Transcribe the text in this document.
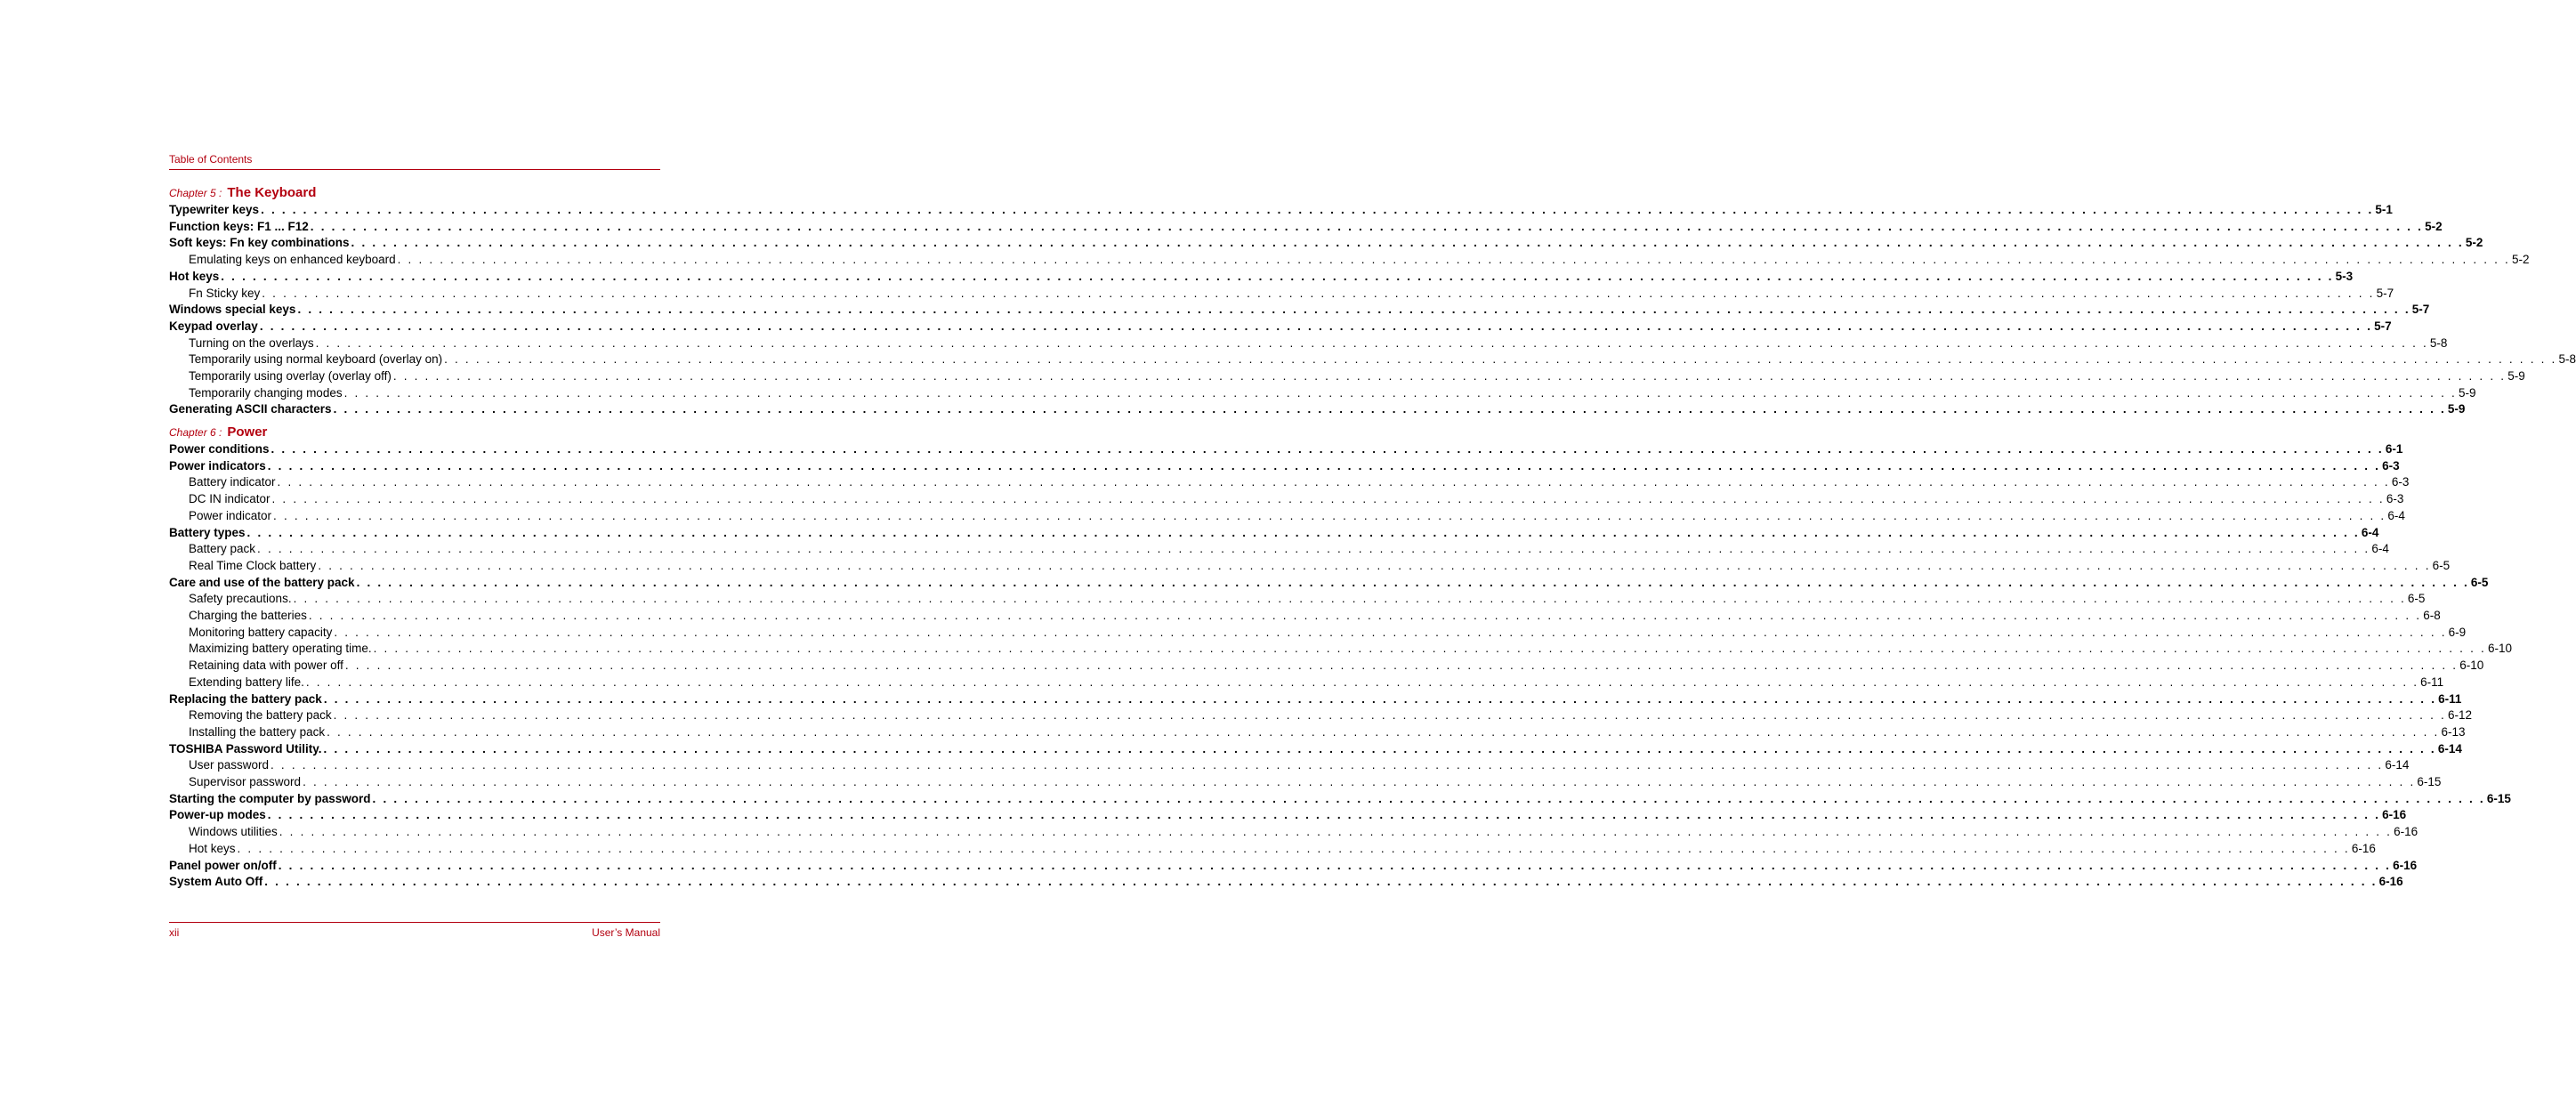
Table of Contents
Chapter 5 : The Keyboard
Typewriter keys . . . . . . . . . . . . . . . . . . . . . . . . . . . . . . . . . . . . . . . . . . . . . . . . . . . . . . . . . . . . . . . . . . . . . . . . . . . . . . . . . . . . . . . . . . . . . . . . . . . . . . . . . . . . . . . . . . . . . . . . . . . . . . . . . . . . . . . . . . . . . . . . . . . . . . . . . . . . . . . . . . . . . . . . . . . . . . . . . . . . . . . . . . . . . . . . . . . . . . . . 5-1
Function keys: F1 ... F12 . . . . . . . . . . . . . . . . . . . . . . . . . . . . . . . . . . . . . . . . . . . . . . . . . . . . . . . . . . . . . . . . . . . . . . . . . . . . . . . . . . . . . . . . . . . . . . . . . . . . . . . . . . . . . . . . . . . . . . . . . . . . . . . . . . . . . . . . . . . . . . . . . . . . . . . . . . . . . . . . . . . . . . . . . . . . . . . . . . . . . . . . . . . . . . . . . . . . . . . . 5-2
Soft keys: Fn key combinations . . . . . . . . . . . . . . . . . . . . . . . . . . . . . . . . . . . . . . . . . . . . . . . . . . . . . . . . . . . . . . . . . . . . . . . . . . . . . . . . . . . . . . . . . . . . . . . . . . . . . . . . . . . . . . . . . . . . . . . . . . . . . . . . . . . . . . . . . . . . . . . . . . . . . . . . . . . . . . . . . . . . . . . . . . . . . . . . . . . . . . . . . . . . . . . . . . . . . . . . 5-2
Emulating keys on enhanced keyboard . . . . . . . . . . . . . . . . . . . . . . . . . . . . . . . . . . . . . . . . . . . . . . . . . . . . . . . . . . . . . . . . . . . . . . . . . . . . . . . . . . . . . . . . . . . . . . . . . . . . . . . . . . . . . . . . . . . . . . . . . . . . . . . . . . . . . . . . . . . . . . . . . . . . . . . . . . . . . . . . . . . . . . . . . . . . . . . . . . . . . . . . . . . . . . . . . . . . . . . . 5-2
Hot keys . . . . . . . . . . . . . . . . . . . . . . . . . . . . . . . . . . . . . . . . . . . . . . . . . . . . . . . . . . . . . . . . . . . . . . . . . . . . . . . . . . . . . . . . . . . . . . . . . . . . . . . . . . . . . . . . . . . . . . . . . . . . . . . . . . . . . . . . . . . . . . . . . . . . . . . . . . . . . . . . . . . . . . . . . . . . . . . . . . . . . . . . . . . . . . . . . . . . . . . . 5-3
Fn Sticky key . . . . . . . . . . . . . . . . . . . . . . . . . . . . . . . . . . . . . . . . . . . . . . . . . . . . . . . . . . . . . . . . . . . . . . . . . . . . . . . . . . . . . . . . . . . . . . . . . . . . . . . . . . . . . . . . . . . . . . . . . . . . . . . . . . . . . . . . . . . . . . . . . . . . . . . . . . . . . . . . . . . . . . . . . . . . . . . . . . . . . . . . . . . . . . . . . . . . . . . . 5-7
Windows special keys . . . . . . . . . . . . . . . . . . . . . . . . . . . . . . . . . . . . . . . . . . . . . . . . . . . . . . . . . . . . . . . . . . . . . . . . . . . . . . . . . . . . . . . . . . . . . . . . . . . . . . . . . . . . . . . . . . . . . . . . . . . . . . . . . . . . . . . . . . . . . . . . . . . . . . . . . . . . . . . . . . . . . . . . . . . . . . . . . . . . . . . . . . . . . . . . . . . . . . . . 5-7
Keypad overlay . . . . . . . . . . . . . . . . . . . . . . . . . . . . . . . . . . . . . . . . . . . . . . . . . . . . . . . . . . . . . . . . . . . . . . . . . . . . . . . . . . . . . . . . . . . . . . . . . . . . . . . . . . . . . . . . . . . . . . . . . . . . . . . . . . . . . . . . . . . . . . . . . . . . . . . . . . . . . . . . . . . . . . . . . . . . . . . . . . . . . . . . . . . . . . . . . . . . . . . . 5-7
Turning on the overlays . . . . . . . . . . . . . . . . . . . . . . . . . . . . . . . . . . . . . . . . . . . . . . . . . . . . . . . . . . . . . . . . . . . . . . . . . . . . . . . . . . . . . . . . . . . . . . . . . . . . . . . . . . . . . . . . . . . . . . . . . . . . . . . . . . . . . . . . . . . . . . . . . . . . . . . . . . . . . . . . . . . . . . . . . . . . . . . . . . . . . . . . . . . . . . . . . . . . . . . . 5-8
Temporarily using normal keyboard (overlay on) . . . . . . . . . . . . . . . . . . . . . . . . . . . . . . . . . . . . . . . . . . . . . . . . . . . . . . . . . . . . . . . . . . . . . . . . . . . . . . . . . . . . . . . . . . . . . . . . . . . . . . . . . . . . . . . . . . . . . . . . . . . . . . . . . . . . . . . . . . . . . . . . . . . . . . . . . . . . . . . . . . . . . . . . . . . . . . . . . . . . . . . . . . . . . . . . . . . . . . . . 5-8
Temporarily using overlay (overlay off) . . . . . . . . . . . . . . . . . . . . . . . . . . . . . . . . . . . . . . . . . . . . . . . . . . . . . . . . . . . . . . . . . . . . . . . . . . . . . . . . . . . . . . . . . . . . . . . . . . . . . . . . . . . . . . . . . . . . . . . . . . . . . . . . . . . . . . . . . . . . . . . . . . . . . . . . . . . . . . . . . . . . . . . . . . . . . . . . . . . . . . . . . . . . . . . . . . . . . . . . 5-9
Temporarily changing modes . . . . . . . . . . . . . . . . . . . . . . . . . . . . . . . . . . . . . . . . . . . . . . . . . . . . . . . . . . . . . . . . . . . . . . . . . . . . . . . . . . . . . . . . . . . . . . . . . . . . . . . . . . . . . . . . . . . . . . . . . . . . . . . . . . . . . . . . . . . . . . . . . . . . . . . . . . . . . . . . . . . . . . . . . . . . . . . . . . . . . . . . . . . . . . . . . . . . . . . . 5-9
Generating ASCII characters . . . . . . . . . . . . . . . . . . . . . . . . . . . . . . . . . . . . . . . . . . . . . . . . . . . . . . . . . . . . . . . . . . . . . . . . . . . . . . . . . . . . . . . . . . . . . . . . . . . . . . . . . . . . . . . . . . . . . . . . . . . . . . . . . . . . . . . . . . . . . . . . . . . . . . . . . . . . . . . . . . . . . . . . . . . . . . . . . . . . . . . . . . . . . . . . . . . . . . . . 5-9
Chapter 6 : Power
Power conditions . . . . . . . . . . . . . . . . . . . . . . . . . . . . . . . . . . . . . . . . . . . . . . . . . . . . . . . . . . . . . . . . . . . . . . . . . . . . . . . . . . . . . . . . . . . . . . . . . . . . . . . . . . . . . . . . . . . . . . . . . . . . . . . . . . . . . . . . . . . . . . . . . . . . . . . . . . . . . . . . . . . . . . . . . . . . . . . . . . . . . . . . . . . . . . . . . . . . . . . . 6-1
Power indicators . . . . . . . . . . . . . . . . . . . . . . . . . . . . . . . . . . . . . . . . . . . . . . . . . . . . . . . . . . . . . . . . . . . . . . . . . . . . . . . . . . . . . . . . . . . . . . . . . . . . . . . . . . . . . . . . . . . . . . . . . . . . . . . . . . . . . . . . . . . . . . . . . . . . . . . . . . . . . . . . . . . . . . . . . . . . . . . . . . . . . . . . . . . . . . . . . . . . . . . . 6-3
Battery indicator . . . . . . . . . . . . . . . . . . . . . . . . . . . . . . . . . . . . . . . . . . . . . . . . . . . . . . . . . . . . . . . . . . . . . . . . . . . . . . . . . . . . . . . . . . . . . . . . . . . . . . . . . . . . . . . . . . . . . . . . . . . . . . . . . . . . . . . . . . . . . . . . . . . . . . . . . . . . . . . . . . . . . . . . . . . . . . . . . . . . . . . . . . . . . . . . . . . . . . . . 6-3
DC IN indicator . . . . . . . . . . . . . . . . . . . . . . . . . . . . . . . . . . . . . . . . . . . . . . . . . . . . . . . . . . . . . . . . . . . . . . . . . . . . . . . . . . . . . . . . . . . . . . . . . . . . . . . . . . . . . . . . . . . . . . . . . . . . . . . . . . . . . . . . . . . . . . . . . . . . . . . . . . . . . . . . . . . . . . . . . . . . . . . . . . . . . . . . . . . . . . . . . . . . . . . . 6-3
Power indicator . . . . . . . . . . . . . . . . . . . . . . . . . . . . . . . . . . . . . . . . . . . . . . . . . . . . . . . . . . . . . . . . . . . . . . . . . . . . . . . . . . . . . . . . . . . . . . . . . . . . . . . . . . . . . . . . . . . . . . . . . . . . . . . . . . . . . . . . . . . . . . . . . . . . . . . . . . . . . . . . . . . . . . . . . . . . . . . . . . . . . . . . . . . . . . . . . . . . . . . . 6-4
Battery types . . . . . . . . . . . . . . . . . . . . . . . . . . . . . . . . . . . . . . . . . . . . . . . . . . . . . . . . . . . . . . . . . . . . . . . . . . . . . . . . . . . . . . . . . . . . . . . . . . . . . . . . . . . . . . . . . . . . . . . . . . . . . . . . . . . . . . . . . . . . . . . . . . . . . . . . . . . . . . . . . . . . . . . . . . . . . . . . . . . . . . . . . . . . . . . . . . . . . . . . 6-4
Battery pack . . . . . . . . . . . . . . . . . . . . . . . . . . . . . . . . . . . . . . . . . . . . . . . . . . . . . . . . . . . . . . . . . . . . . . . . . . . . . . . . . . . . . . . . . . . . . . . . . . . . . . . . . . . . . . . . . . . . . . . . . . . . . . . . . . . . . . . . . . . . . . . . . . . . . . . . . . . . . . . . . . . . . . . . . . . . . . . . . . . . . . . . . . . . . . . . . . . . . . . . 6-4
Real Time Clock battery . . . . . . . . . . . . . . . . . . . . . . . . . . . . . . . . . . . . . . . . . . . . . . . . . . . . . . . . . . . . . . . . . . . . . . . . . . . . . . . . . . . . . . . . . . . . . . . . . . . . . . . . . . . . . . . . . . . . . . . . . . . . . . . . . . . . . . . . . . . . . . . . . . . . . . . . . . . . . . . . . . . . . . . . . . . . . . . . . . . . . . . . . . . . . . . . . . . . . . . . 6-5
Care and use of the battery pack . . . . . . . . . . . . . . . . . . . . . . . . . . . . . . . . . . . . . . . . . . . . . . . . . . . . . . . . . . . . . . . . . . . . . . . . . . . . . . . . . . . . . . . . . . . . . . . . . . . . . . . . . . . . . . . . . . . . . . . . . . . . . . . . . . . . . . . . . . . . . . . . . . . . . . . . . . . . . . . . . . . . . . . . . . . . . . . . . . . . . . . . . . . . . . . . . . . . . . . . 6-5
Safety precautions. . . . . . . . . . . . . . . . . . . . . . . . . . . . . . . . . . . . . . . . . . . . . . . . . . . . . . . . . . . . . . . . . . . . . . . . . . . . . . . . . . . . . . . . . . . . . . . . . . . . . . . . . . . . . . . . . . . . . . . . . . . . . . . . . . . . . . . . . . . . . . . . . . . . . . . . . . . . . . . . . . . . . . . . . . . . . . . . . . . . . . . . . . . . . . . . . . . . . . . . . 6-5
Charging the batteries . . . . . . . . . . . . . . . . . . . . . . . . . . . . . . . . . . . . . . . . . . . . . . . . . . . . . . . . . . . . . . . . . . . . . . . . . . . . . . . . . . . . . . . . . . . . . . . . . . . . . . . . . . . . . . . . . . . . . . . . . . . . . . . . . . . . . . . . . . . . . . . . . . . . . . . . . . . . . . . . . . . . . . . . . . . . . . . . . . . . . . . . . . . . . . . . . . . . . . . . 6-8
Monitoring battery capacity . . . . . . . . . . . . . . . . . . . . . . . . . . . . . . . . . . . . . . . . . . . . . . . . . . . . . . . . . . . . . . . . . . . . . . . . . . . . . . . . . . . . . . . . . . . . . . . . . . . . . . . . . . . . . . . . . . . . . . . . . . . . . . . . . . . . . . . . . . . . . . . . . . . . . . . . . . . . . . . . . . . . . . . . . . . . . . . . . . . . . . . . . . . . . . . . . . . . . . . . 6-9
Maximizing battery operating time. . . . . . . . . . . . . . . . . . . . . . . . . . . . . . . . . . . . . . . . . . . . . . . . . . . . . . . . . . . . . . . . . . . . . . . . . . . . . . . . . . . . . . . . . . . . . . . . . . . . . . . . . . . . . . . . . . . . . . . . . . . . . . . . . . . . . . . . . . . . . . . . . . . . . . . . . . . . . . . . . . . . . . . . . . . . . . . . . . . . . . . . . . . . . . . . . . . . . . . . . 6-10
Retaining data with power off . . . . . . . . . . . . . . . . . . . . . . . . . . . . . . . . . . . . . . . . . . . . . . . . . . . . . . . . . . . . . . . . . . . . . . . . . . . . . . . . . . . . . . . . . . . . . . . . . . . . . . . . . . . . . . . . . . . . . . . . . . . . . . . . . . . . . . . . . . . . . . . . . . . . . . . . . . . . . . . . . . . . . . . . . . . . . . . . . . . . . . . . . . . . . . . . . . . . . . . . 6-10
Extending battery life. . . . . . . . . . . . . . . . . . . . . . . . . . . . . . . . . . . . . . . . . . . . . . . . . . . . . . . . . . . . . . . . . . . . . . . . . . . . . . . . . . . . . . . . . . . . . . . . . . . . . . . . . . . . . . . . . . . . . . . . . . . . . . . . . . . . . . . . . . . . . . . . . . . . . . . . . . . . . . . . . . . . . . . . . . . . . . . . . . . . . . . . . . . . . . . . . . . . . . . . . 6-11
Replacing the battery pack . . . . . . . . . . . . . . . . . . . . . . . . . . . . . . . . . . . . . . . . . . . . . . . . . . . . . . . . . . . . . . . . . . . . . . . . . . . . . . . . . . . . . . . . . . . . . . . . . . . . . . . . . . . . . . . . . . . . . . . . . . . . . . . . . . . . . . . . . . . . . . . . . . . . . . . . . . . . . . . . . . . . . . . . . . . . . . . . . . . . . . . . . . . . . . . . . . . . . . . . 6-11
Removing the battery pack . . . . . . . . . . . . . . . . . . . . . . . . . . . . . . . . . . . . . . . . . . . . . . . . . . . . . . . . . . . . . . . . . . . . . . . . . . . . . . . . . . . . . . . . . . . . . . . . . . . . . . . . . . . . . . . . . . . . . . . . . . . . . . . . . . . . . . . . . . . . . . . . . . . . . . . . . . . . . . . . . . . . . . . . . . . . . . . . . . . . . . . . . . . . . . . . . . . . . . . . 6-12
Installing the battery pack . . . . . . . . . . . . . . . . . . . . . . . . . . . . . . . . . . . . . . . . . . . . . . . . . . . . . . . . . . . . . . . . . . . . . . . . . . . . . . . . . . . . . . . . . . . . . . . . . . . . . . . . . . . . . . . . . . . . . . . . . . . . . . . . . . . . . . . . . . . . . . . . . . . . . . . . . . . . . . . . . . . . . . . . . . . . . . . . . . . . . . . . . . . . . . . . . . . . . . . . 6-13
TOSHIBA Password Utility. . . . . . . . . . . . . . . . . . . . . . . . . . . . . . . . . . . . . . . . . . . . . . . . . . . . . . . . . . . . . . . . . . . . . . . . . . . . . . . . . . . . . . . . . . . . . . . . . . . . . . . . . . . . . . . . . . . . . . . . . . . . . . . . . . . . . . . . . . . . . . . . . . . . . . . . . . . . . . . . . . . . . . . . . . . . . . . . . . . . . . . . . . . . . . . . . . . . . . . . . 6-14
User password . . . . . . . . . . . . . . . . . . . . . . . . . . . . . . . . . . . . . . . . . . . . . . . . . . . . . . . . . . . . . . . . . . . . . . . . . . . . . . . . . . . . . . . . . . . . . . . . . . . . . . . . . . . . . . . . . . . . . . . . . . . . . . . . . . . . . . . . . . . . . . . . . . . . . . . . . . . . . . . . . . . . . . . . . . . . . . . . . . . . . . . . . . . . . . . . . . . . . . . . 6-14
Supervisor password . . . . . . . . . . . . . . . . . . . . . . . . . . . . . . . . . . . . . . . . . . . . . . . . . . . . . . . . . . . . . . . . . . . . . . . . . . . . . . . . . . . . . . . . . . . . . . . . . . . . . . . . . . . . . . . . . . . . . . . . . . . . . . . . . . . . . . . . . . . . . . . . . . . . . . . . . . . . . . . . . . . . . . . . . . . . . . . . . . . . . . . . . . . . . . . . . . . . . . . . 6-15
Starting the computer by password . . . . . . . . . . . . . . . . . . . . . . . . . . . . . . . . . . . . . . . . . . . . . . . . . . . . . . . . . . . . . . . . . . . . . . . . . . . . . . . . . . . . . . . . . . . . . . . . . . . . . . . . . . . . . . . . . . . . . . . . . . . . . . . . . . . . . . . . . . . . . . . . . . . . . . . . . . . . . . . . . . . . . . . . . . . . . . . . . . . . . . . . . . . . . . . . . . . . . . . . 6-15
Power-up modes . . . . . . . . . . . . . . . . . . . . . . . . . . . . . . . . . . . . . . . . . . . . . . . . . . . . . . . . . . . . . . . . . . . . . . . . . . . . . . . . . . . . . . . . . . . . . . . . . . . . . . . . . . . . . . . . . . . . . . . . . . . . . . . . . . . . . . . . . . . . . . . . . . . . . . . . . . . . . . . . . . . . . . . . . . . . . . . . . . . . . . . . . . . . . . . . . . . . . . . . 6-16
Windows utilities . . . . . . . . . . . . . . . . . . . . . . . . . . . . . . . . . . . . . . . . . . . . . . . . . . . . . . . . . . . . . . . . . . . . . . . . . . . . . . . . . . . . . . . . . . . . . . . . . . . . . . . . . . . . . . . . . . . . . . . . . . . . . . . . . . . . . . . . . . . . . . . . . . . . . . . . . . . . . . . . . . . . . . . . . . . . . . . . . . . . . . . . . . . . . . . . . . . . . . . . 6-16
Hot keys . . . . . . . . . . . . . . . . . . . . . . . . . . . . . . . . . . . . . . . . . . . . . . . . . . . . . . . . . . . . . . . . . . . . . . . . . . . . . . . . . . . . . . . . . . . . . . . . . . . . . . . . . . . . . . . . . . . . . . . . . . . . . . . . . . . . . . . . . . . . . . . . . . . . . . . . . . . . . . . . . . . . . . . . . . . . . . . . . . . . . . . . . . . . . . . . . . . . . . . . 6-16
Panel power on/off . . . . . . . . . . . . . . . . . . . . . . . . . . . . . . . . . . . . . . . . . . . . . . . . . . . . . . . . . . . . . . . . . . . . . . . . . . . . . . . . . . . . . . . . . . . . . . . . . . . . . . . . . . . . . . . . . . . . . . . . . . . . . . . . . . . . . . . . . . . . . . . . . . . . . . . . . . . . . . . . . . . . . . . . . . . . . . . . . . . . . . . . . . . . . . . . . . . . . . . . 6-16
System Auto Off . . . . . . . . . . . . . . . . . . . . . . . . . . . . . . . . . . . . . . . . . . . . . . . . . . . . . . . . . . . . . . . . . . . . . . . . . . . . . . . . . . . . . . . . . . . . . . . . . . . . . . . . . . . . . . . . . . . . . . . . . . . . . . . . . . . . . . . . . . . . . . . . . . . . . . . . . . . . . . . . . . . . . . . . . . . . . . . . . . . . . . . . . . . . . . . . . . . . . . . . 6-16
xii	User’s Manual
